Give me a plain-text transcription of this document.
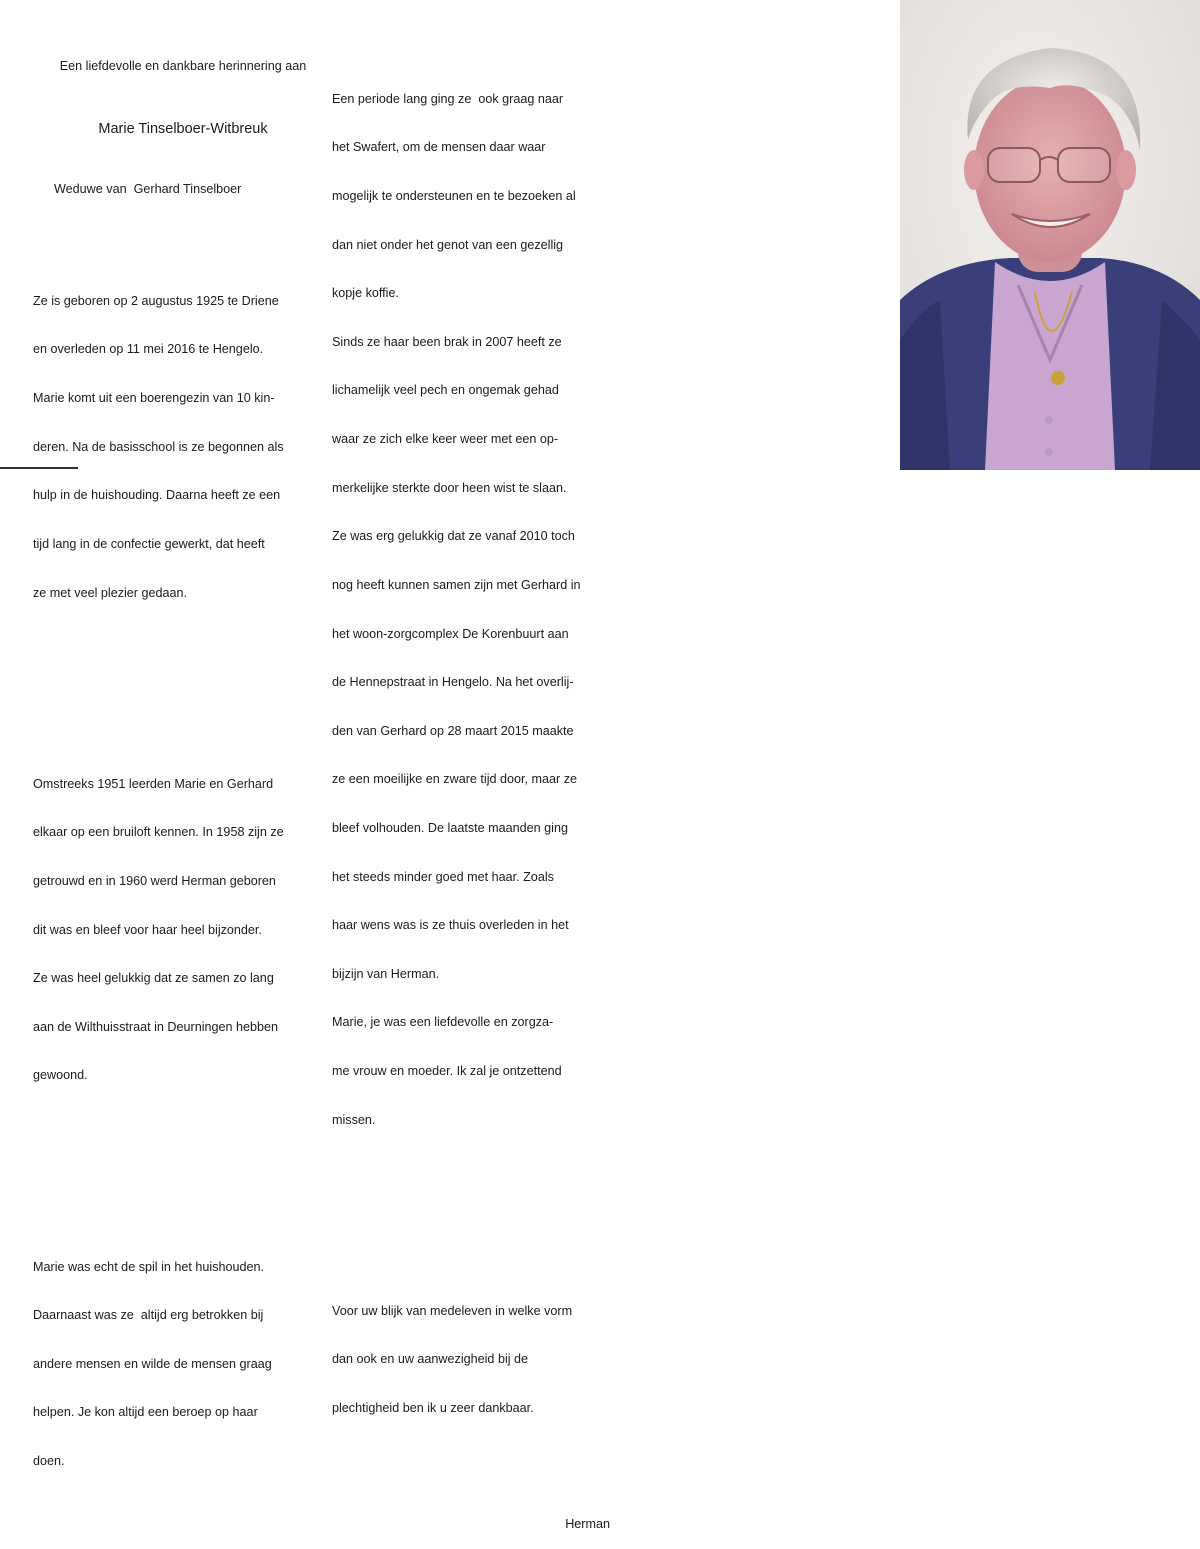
Een liefdevolle en dankbare herinnering aan

Marie Tinselboer-Witbreuk

Weduwe van  Gerhard Tinselboer

Ze is geboren op 2 augustus 1925 te Driene

en overleden op 11 mei 2016 te Hengelo.

Marie komt uit een boerengezin van 10 kin-

deren. Na de basisschool is ze begonnen als

hulp in de huishouding. Daarna heeft ze een

tijd lang in de confectie gewerkt, dat heeft

ze met veel plezier gedaan.

Omstreeks 1951 leerden Marie en Gerhard

elkaar op een bruiloft kennen. In 1958 zijn ze

getrouwd en in 1960 werd Herman geboren

dit was en bleef voor haar heel bijzonder.

Ze was heel gelukkig dat ze samen zo lang

aan de Wilthuisstraat in Deurningen hebben

gewoond.

Marie was echt de spil in het huishouden.

Daarnaast was ze  altijd erg betrokken bij

andere mensen en wilde de mensen graag

helpen. Je kon altijd een beroep op haar

doen.

Een periode lang ging ze  ook graag naar

het Swafert, om de mensen daar waar

mogelijk te ondersteunen en te bezoeken al

dan niet onder het genot van een gezellig

kopje koffie.

Sinds ze haar been brak in 2007 heeft ze

lichamelijk veel pech en ongemak gehad

waar ze zich elke keer weer met een op-

merkelijke sterkte door heen wist te slaan.

Ze was erg gelukkig dat ze vanaf 2010 toch

nog heeft kunnen samen zijn met Gerhard in

het woon-zorgcomplex De Korenbuurt aan

de Hennepstraat in Hengelo. Na het overlij-

den van Gerhard op 28 maart 2015 maakte

ze een moeilijke en zware tijd door, maar ze

bleef volhouden. De laatste maanden ging

het steeds minder goed met haar. Zoals

haar wens was is ze thuis overleden in het

bijzijn van Herman.

Marie, je was een liefdevolle en zorgza-

me vrouw en moeder. Ik zal je ontzettend

missen.

Voor uw blijk van medeleven in welke vorm

dan ook en uw aanwezigheid bij de

plechtigheid ben ik u zeer dankbaar.

Herman
